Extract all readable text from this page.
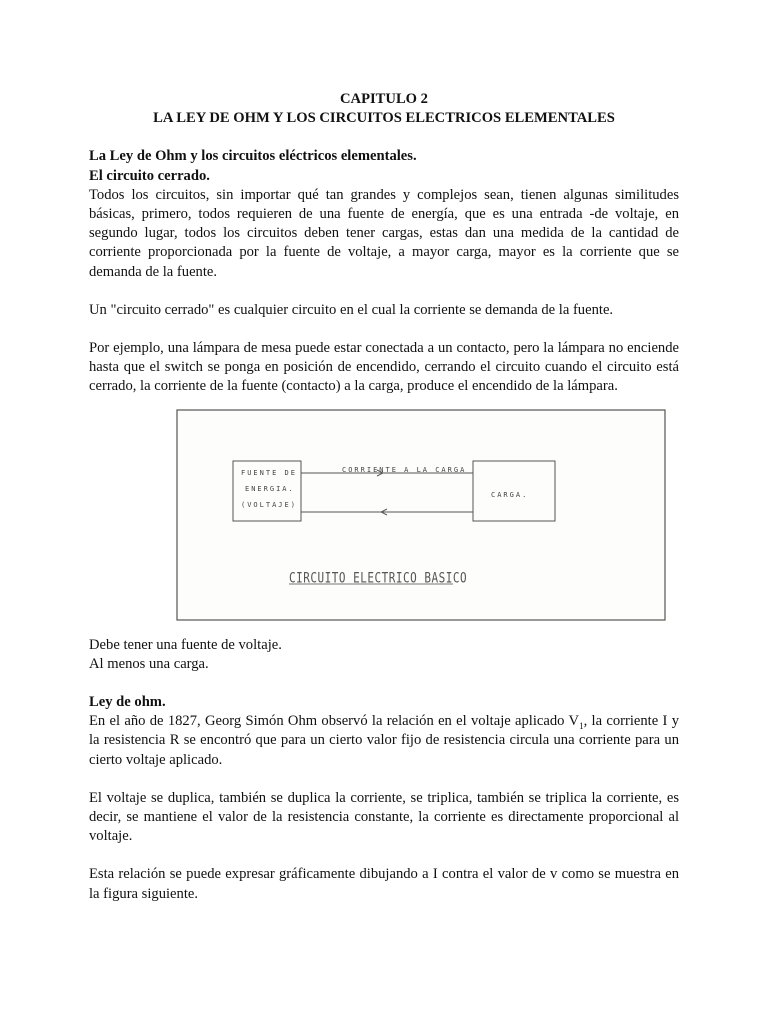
CAPITULO 2
LA LEY DE OHM Y LOS CIRCUITOS ELECTRICOS ELEMENTALES
La Ley de Ohm y los circuitos eléctricos elementales.
El circuito cerrado.

Todos los circuitos, sin importar qué tan grandes y complejos sean, tienen algunas similitudes básicas, primero, todos requieren de una fuente de energía, que es una entrada -de voltaje, en segundo lugar, todos los circuitos deben tener cargas, estas dan una medida de la cantidad de corriente proporcionada por la fuente de voltaje, a mayor carga, mayor es la corriente que se demanda de la fuente.

Un "circuito cerrado" es cualquier circuito en el cual la corriente se demanda de la fuente.

Por ejemplo, una lámpara de mesa puede estar conectada a un contacto, pero la lámpara no enciende hasta que el switch se ponga en posición de encendido, cerrando el circuito cuando el circuito está cerrado, la corriente de la fuente (contacto) a la carga, produce el encendido de la lámpara.

FUENTE DE
ENERGIA.
(VOLTAJE)
CORRIENTE A LA CARGA
CARGA.
CIRCUITO ELECTRICO BASICO
Debe tener una fuente de voltaje.
Al menos una carga.
Ley de ohm.

En el año de 1827, Georg Simón Ohm observó la relación en el voltaje aplicado $V_1$, la corriente I y la resistencia R se encontró que para un cierto valor fijo de resistencia circula una corriente para un cierto voltaje aplicado.

El voltaje se duplica, también se duplica la corriente, se triplica, también se triplica la corriente, es decir, se mantiene el valor de la resistencia constante, la corriente es directamente proporcional al voltaje.

Esta relación se puede expresar gráficamente dibujando a I contra el valor de v como se muestra en la figura siguiente.
